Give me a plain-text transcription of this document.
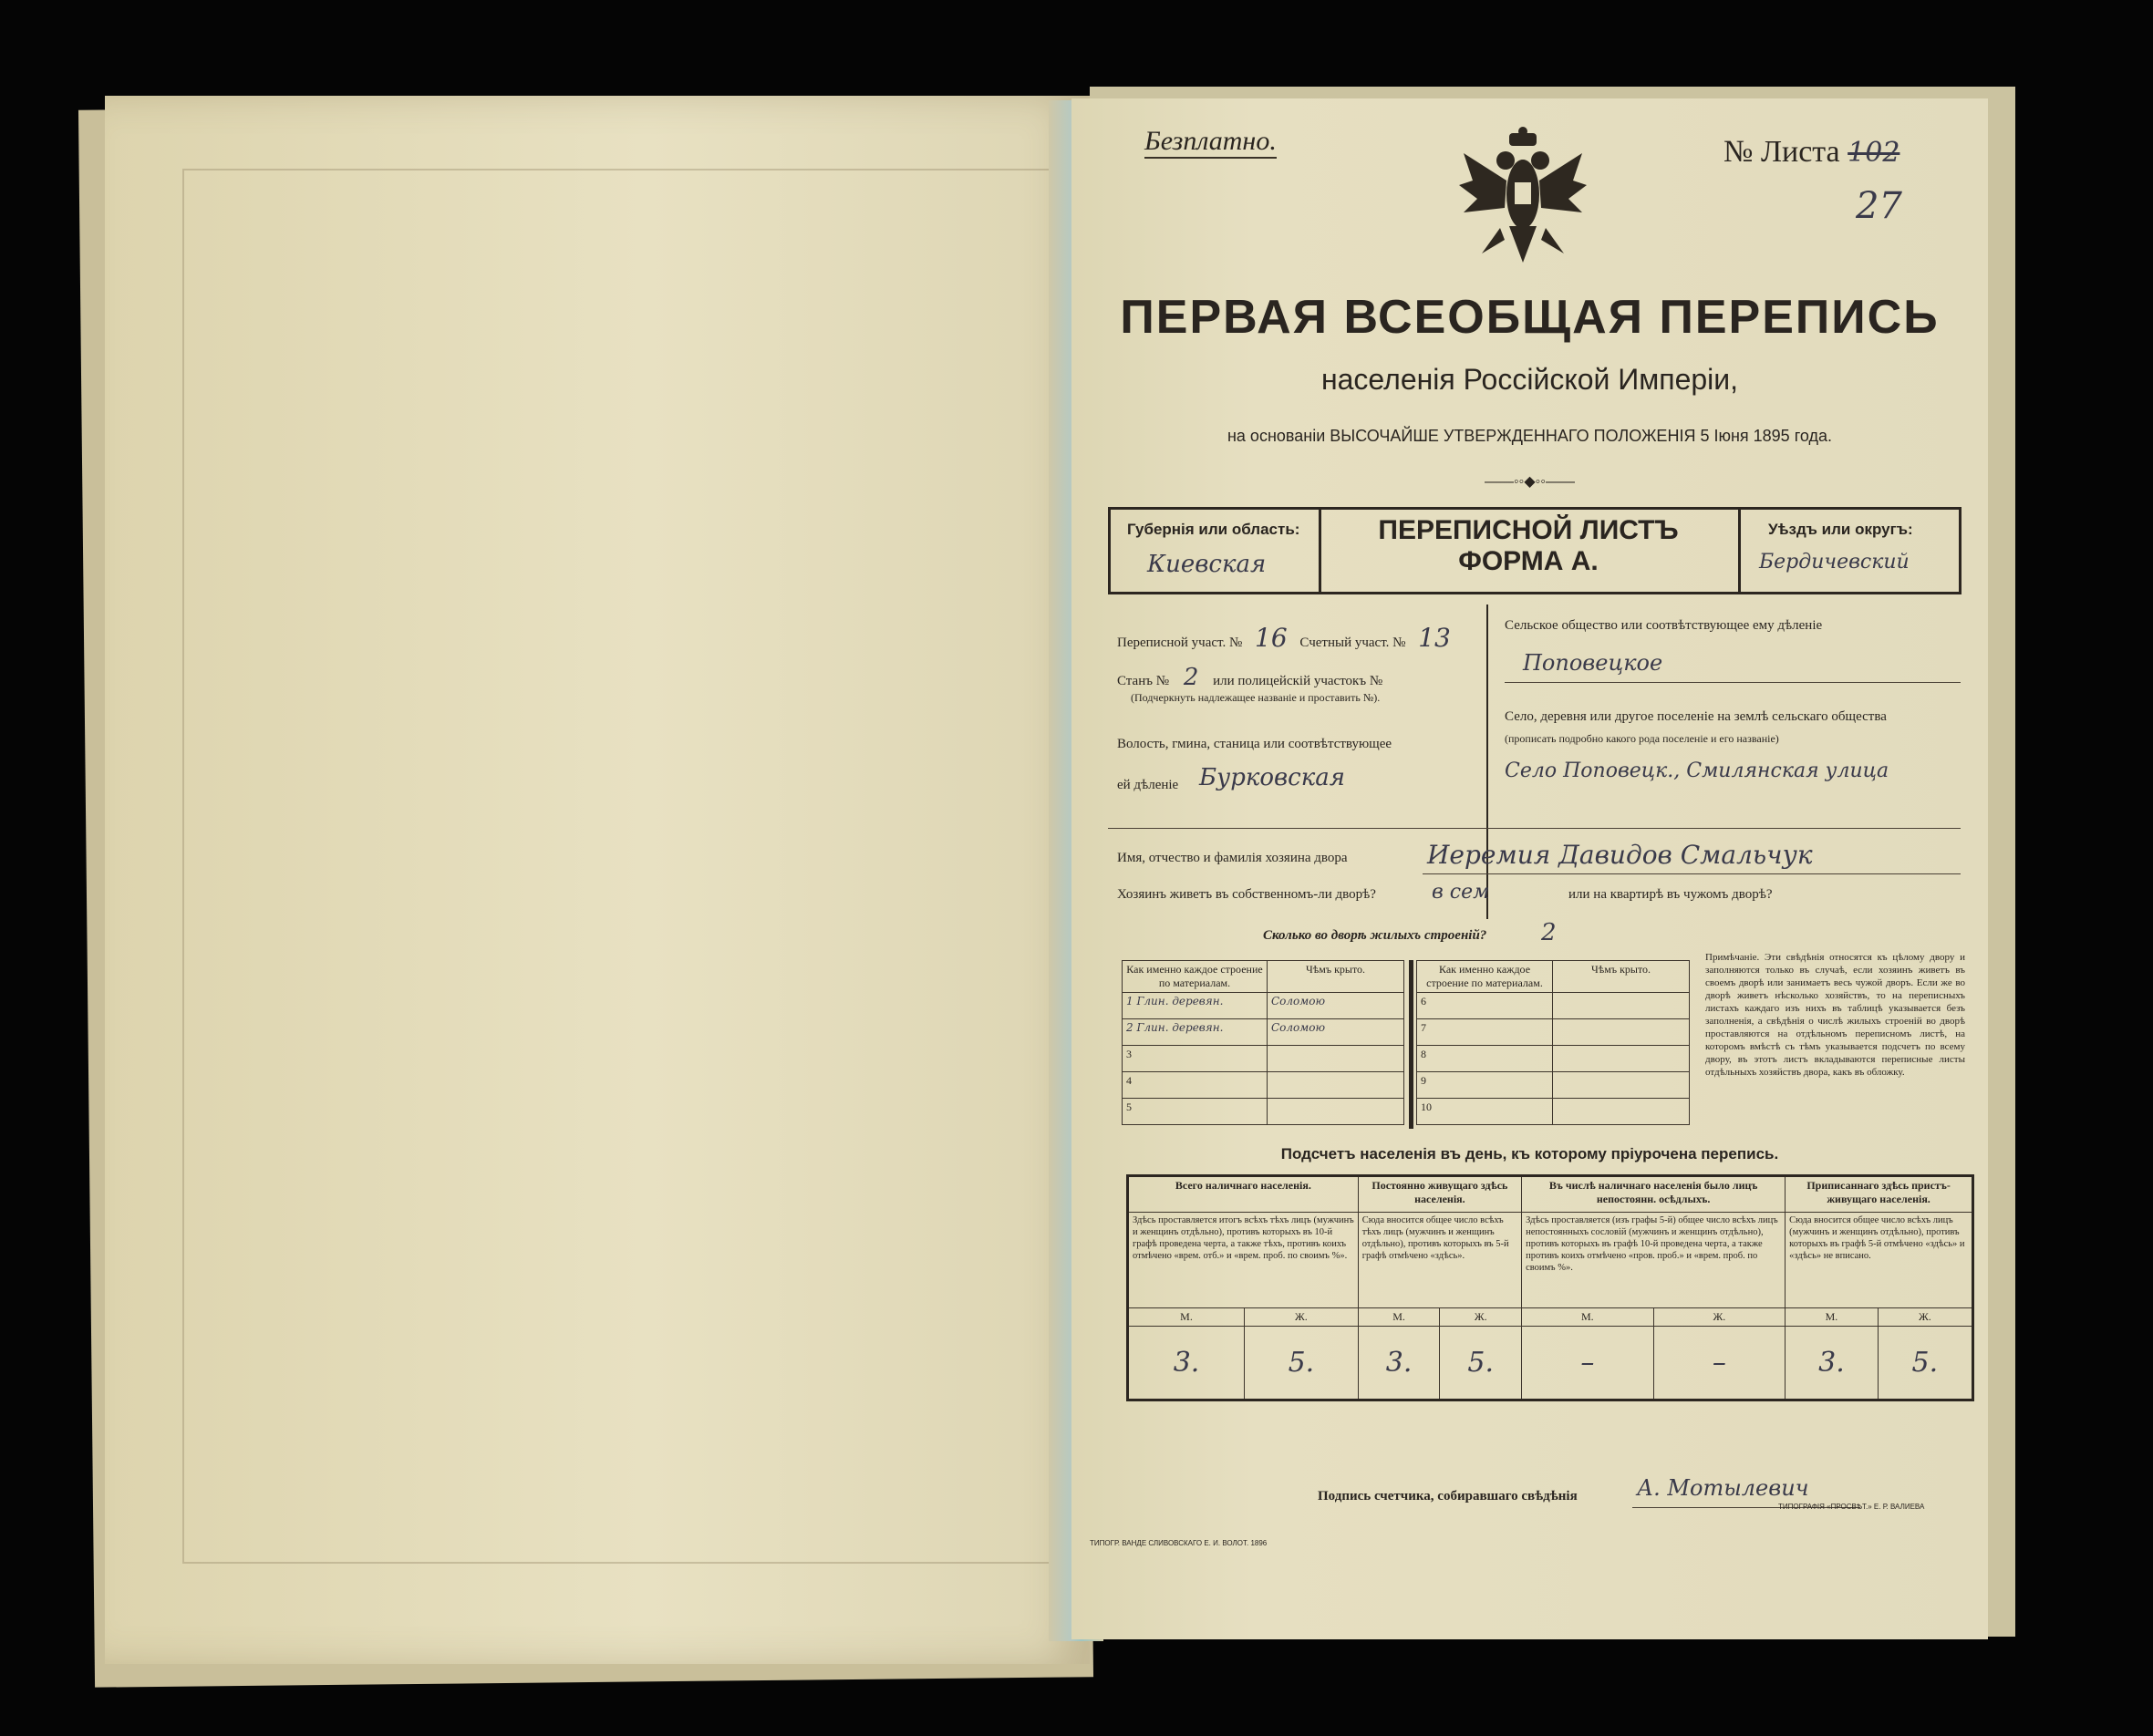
Безплатно.	№ Листа 102
27
ПЕРВАЯ ВСЕОБЩАЯ ПЕРЕПИСЬ
населенія Россійской Имперіи,
на основаніи ВЫСОЧАЙШЕ УТВЕРЖДЕННАГО ПОЛОЖЕНІЯ 5 Іюня 1895 года.
——◦◦◆◦◦——
Губернія или область:
Киевская
ПЕРЕПИСНОЙ ЛИСТЪ
ФОРМА А.
Уѣздъ или округъ:
Бердичевский
Переписной участ. № 16 Счетный участ. № 13
Станъ № 2 или полицейскій участокъ №
(Подчеркнуть надлежащее названіе и проставить №).
Волость, гмина, станица или соотвѣтствующее
ей дѣленіе Бурковская
Сельское общество или соотвѣтствующее ему дѣленіе
Поповецкое
Село, деревня или другое поселеніе на землѣ сельскаго общества
(прописать подробно какого рода поселеніе и его названіе)
Село Поповецк., Смилянская улица
Имя, отчество и фамилія хозяина двора	Иеремия Давидов Смальчук
Хозяинъ живетъ въ собственномъ-ли дворѣ?	в сем	или на квартирѣ въ чужомъ дворѣ?
Сколько во дворѣ жилыхъ строеній? 2
Как именно каждое строение по материалам.	Чѣмъ крыто.
1 Глин. деревян.	Соломою
2 Глин. деревян.	Соломою
3	
4	
5	
Как именно каждое строение по материалам.	Чѣмъ крыто.
6	
7	
8	
9	
10	
Примѣчаніе. Эти свѣдѣнія относятся къ цѣлому двору и заполняются только въ случаѣ, если хозяинъ живетъ въ своемъ дворѣ или занимаетъ весь чужой дворъ. Если же во дворѣ живетъ нѣсколько хозяйствъ, то на переписныхъ листахъ каждаго изъ нихъ въ таблицѣ указывается безъ заполненія, а свѣдѣнія о числѣ жилыхъ строеній во дворѣ проставляются на отдѣльномъ переписномъ листѣ, на которомъ вмѣстѣ съ тѣмъ указывается подсчетъ по всему двору, въ этотъ листъ вкладываются переписные листы отдѣльныхъ хозяйствъ двора, какъ въ обложку.
Подсчетъ населенія въ день, къ которому пріурочена перепись.
Всего наличнаго населенія.		Постоянно живущаго здѣсь населенія.		Въ числѣ наличнаго населенія было лицъ непостоянн. осѣдлыхъ.		Приписаннаго здѣсь пристъ-живущаго населенія.	
Здѣсь проставляется итогъ всѣхъ тѣхъ лицъ (мужчинъ и женщинъ отдѣльно), противъ которыхъ въ 10-й графѣ проведена черта, а также тѣхъ, противъ коихъ отмѣчено «врем. отб.» и «врем. проб. по своимъ %».		Сюда вносится общее число всѣхъ тѣхъ лицъ (мужчинъ и женщинъ отдѣльно), противъ которыхъ въ 5-й графѣ отмѣчено «здѣсь».		Здѣсь проставляется (изъ графы 5-й) общее число всѣхъ лицъ непостоянныхъ сословій (мужчинъ и женщинъ отдѣльно), противъ которыхъ въ графѣ 10-й проведена черта, а также противъ коихъ отмѣчено «пров. проб.» и «врем. проб. по своимъ %».		Сюда вносится общее число всѣхъ лицъ (мужчинъ и женщинъ отдѣльно), противъ которыхъ въ графѣ 5-й отмѣчено «здѣсь» и «здѣсь» не вписано.	
М.	Ж.	М.	Ж.	М.	Ж.	М.	Ж.
3.	5.	3.	5.	–	–	3.	5.
Подпись счетчика, собиравшаго свѣдѣнія	А. Мотылевич
ТИПОГР. ВАНДЕ СЛИВОВСКАГО Е. И. ВОЛОТ. 1896
ТИПОГРАФІЯ «ПРОСВѢТ.» Е. Р. ВАЛИЕВА
